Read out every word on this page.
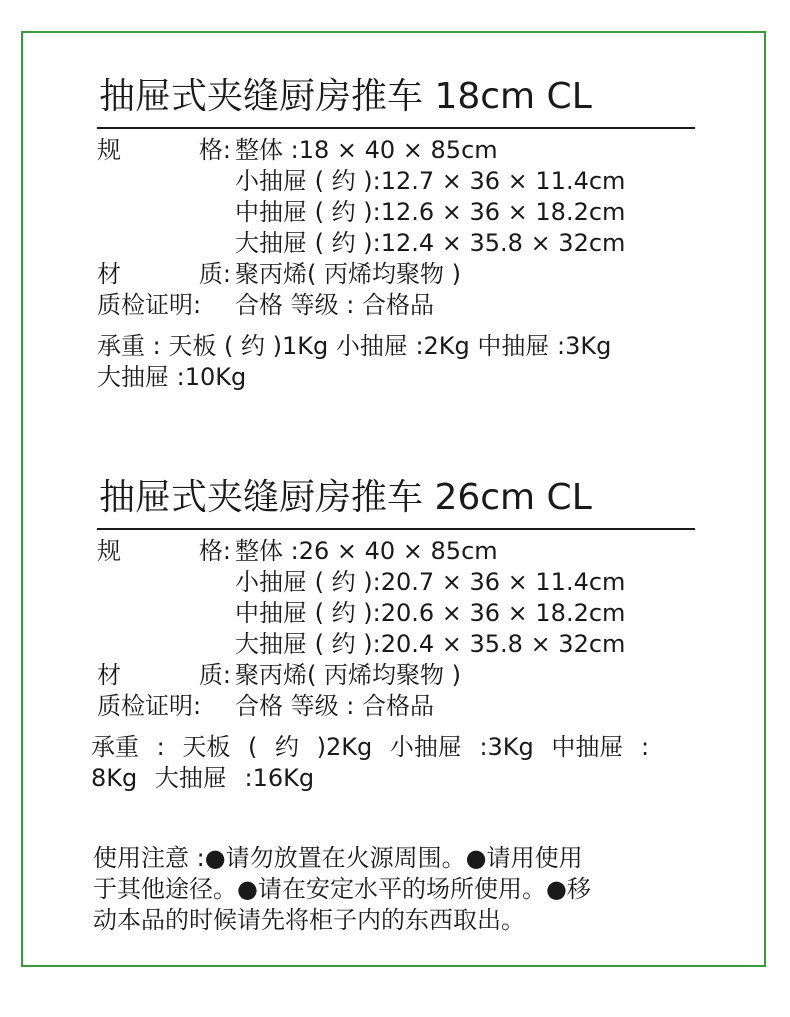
抽屉式夹缝厨房推车 18cm CL
规	格: 整体 :18 × 40 × 85cm
小抽屉 ( 约 ):12.7 × 36 × 11.4cm
中抽屉 ( 约 ):12.6 × 36 × 18.2cm
大抽屉 ( 约 ):12.4 × 35.8 × 32cm
材	质: 聚丙烯( 丙烯均聚物 )
质检证明:	合格 等级 : 合格品
承重 : 天板 ( 约 )1Kg 小抽屉 :2Kg 中抽屉 :3Kg
大抽屉 :10Kg
抽屉式夹缝厨房推车 26cm CL
规	格: 整体 :26 × 40 × 85cm
小抽屉 ( 约 ):20.7 × 36 × 11.4cm
中抽屉 ( 约 ):20.6 × 36 × 18.2cm
大抽屉 ( 约 ):20.4 × 35.8 × 32cm
材	质: 聚丙烯( 丙烯均聚物 )
质检证明:	合格 等级 : 合格品
承重 : 天板 ( 约 )2Kg 小抽屉 :3Kg 中抽屉 :
8Kg 大抽屉 :16Kg
使用注意 :●请勿放置在火源周围。●请用使用
于其他途径。●请在安定水平的场所使用。●移
动本品的时候请先将柜子内的东西取出。
